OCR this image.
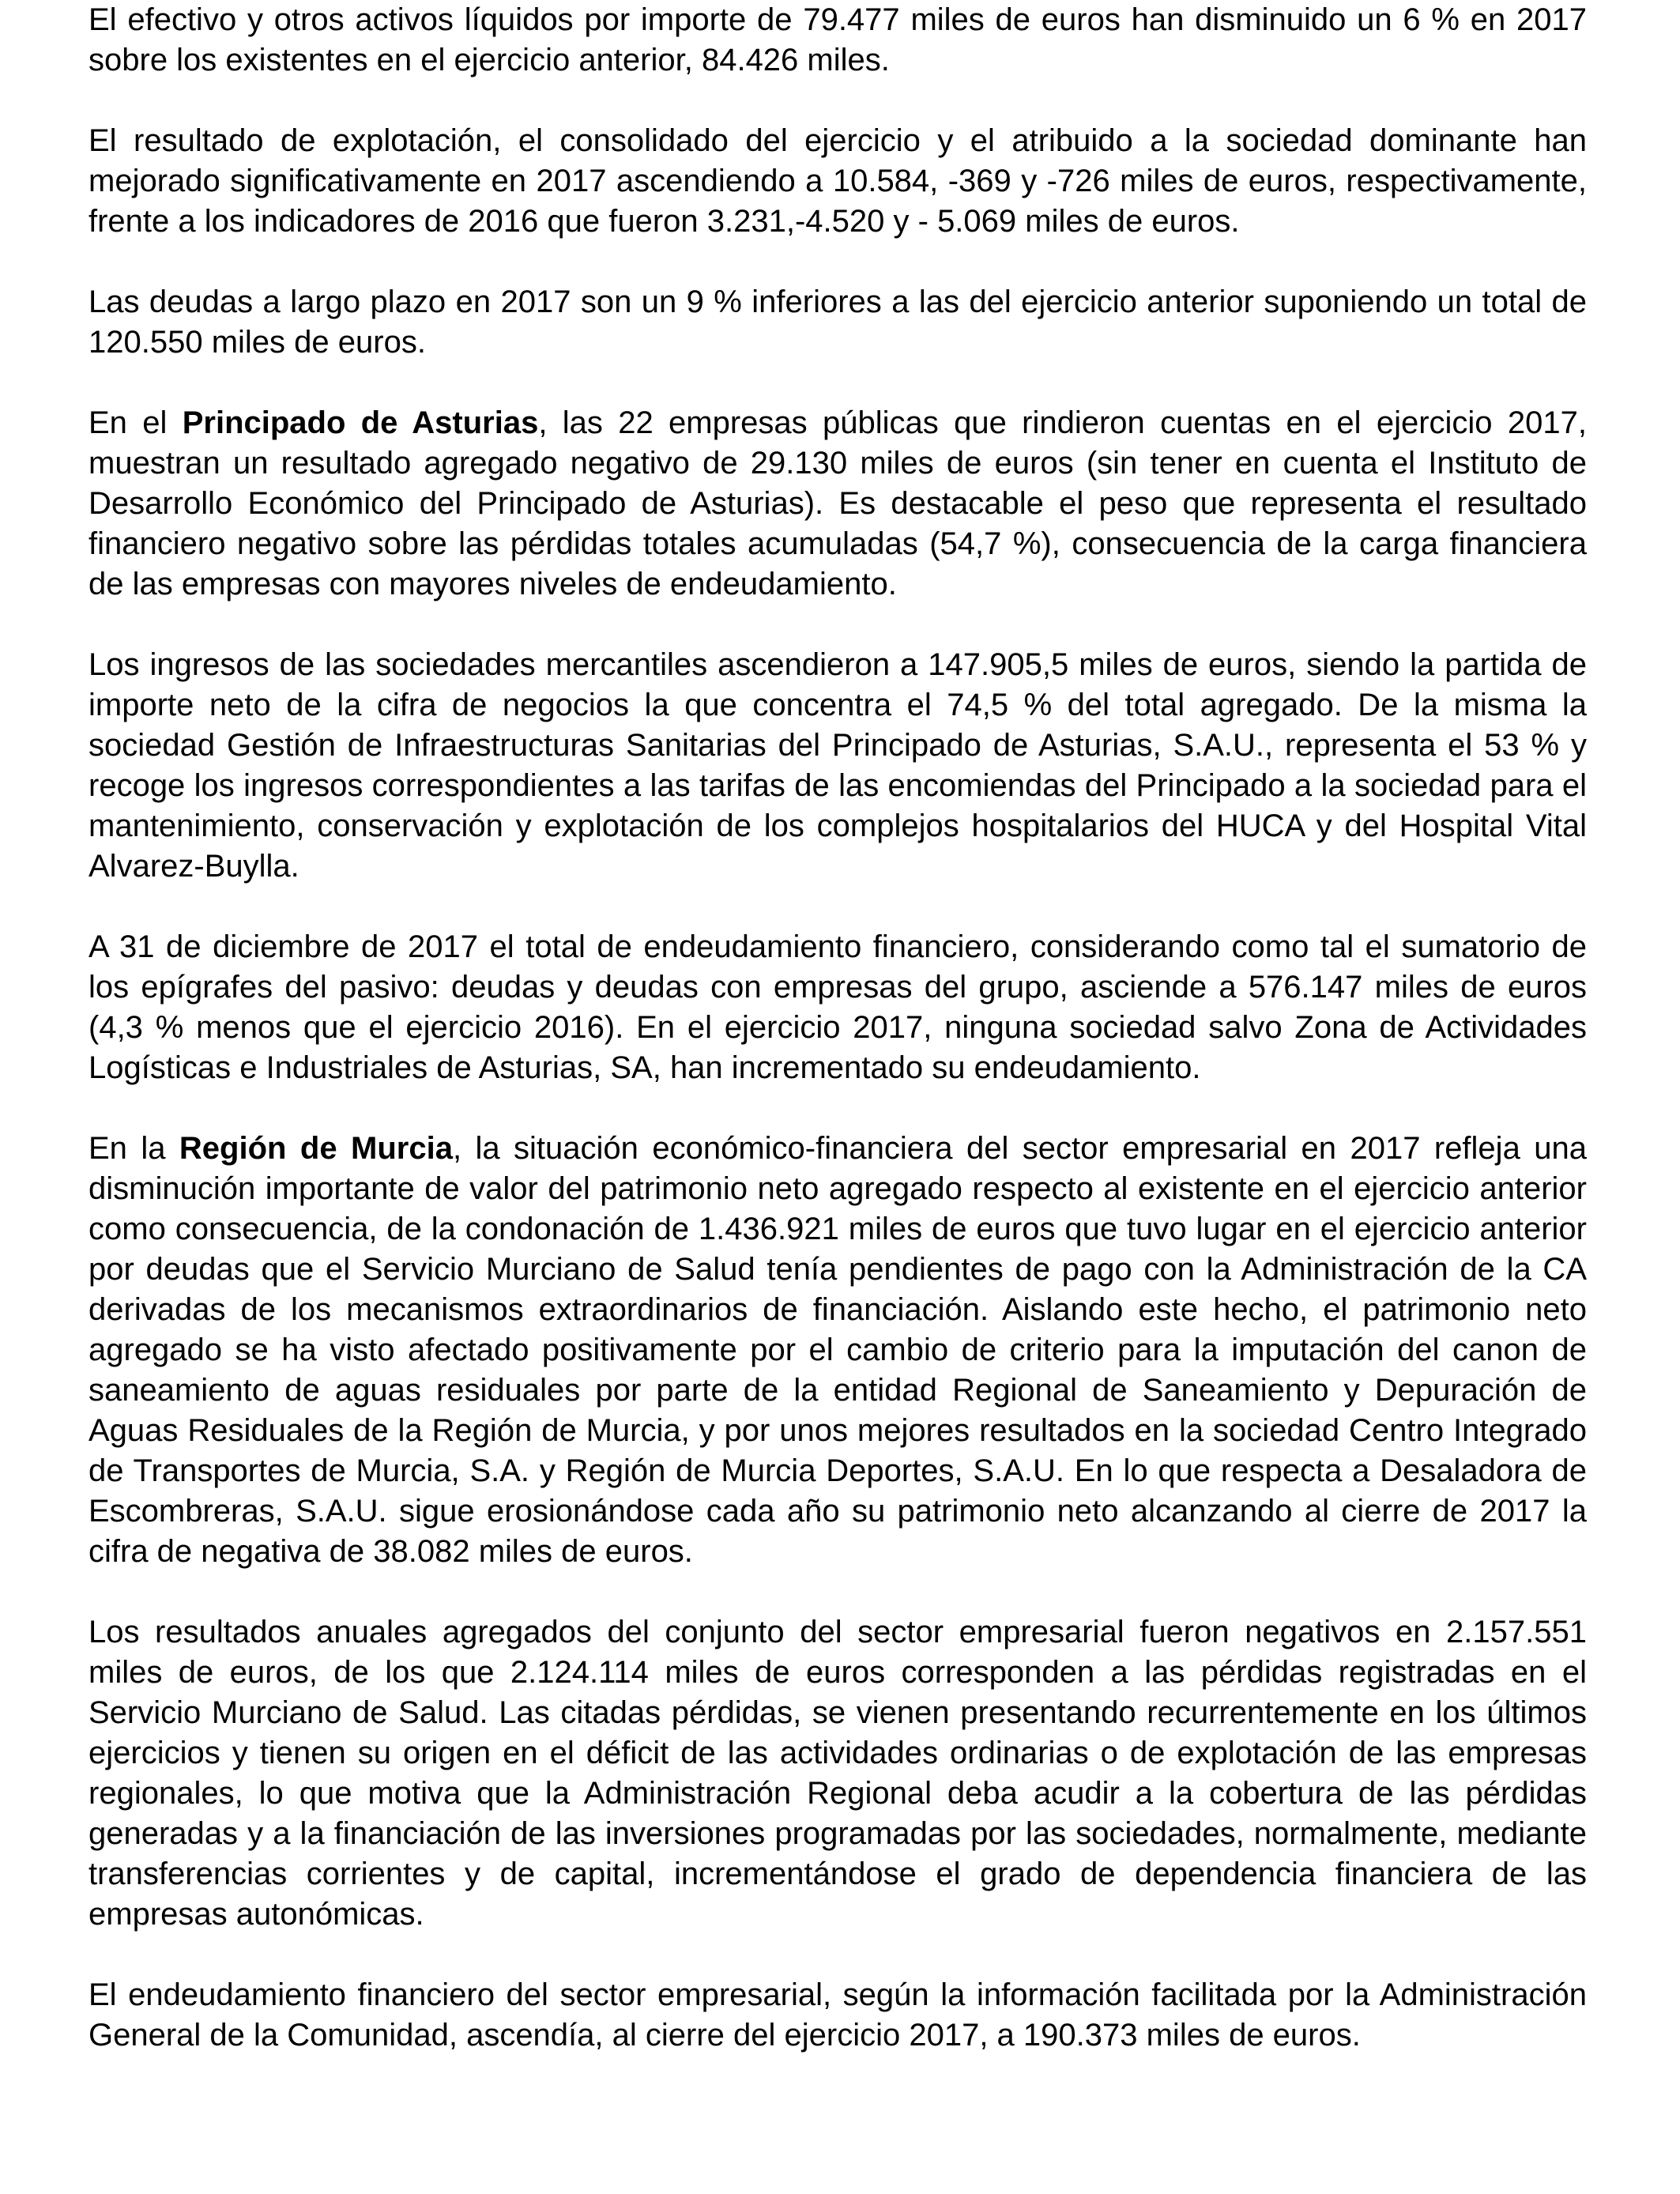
El efectivo y otros activos líquidos por importe de 79.477 miles de euros han disminuido un 6 % en 2017 sobre los existentes en el ejercicio anterior, 84.426 miles.

El resultado de explotación, el consolidado del ejercicio y el atribuido a la sociedad dominante han mejorado significativamente en 2017 ascendiendo a 10.584, -369 y -726 miles de euros, respectivamente, frente a los indicadores de 2016 que fueron 3.231,-4.520 y - 5.069 miles de euros.

Las deudas a largo plazo en 2017 son un 9 % inferiores a las del ejercicio anterior suponiendo un total de 120.550 miles de euros.

En el Principado de Asturias, las 22 empresas públicas que rindieron cuentas en el ejercicio 2017, muestran un resultado agregado negativo de 29.130 miles de euros (sin tener en cuenta el Instituto de Desarrollo Económico del Principado de Asturias). Es destacable el peso que representa el resultado financiero negativo sobre las pérdidas totales acumuladas (54,7 %), consecuencia de la carga financiera de las empresas con mayores niveles de endeudamiento.

Los ingresos de las sociedades mercantiles ascendieron a 147.905,5 miles de euros, siendo la partida de importe neto de la cifra de negocios la que concentra el 74,5 % del total agregado. De la misma la sociedad Gestión de Infraestructuras Sanitarias del Principado de Asturias, S.A.U., representa el 53 % y recoge los ingresos correspondientes a las tarifas de las encomiendas del Principado a la sociedad para el mantenimiento, conservación y explotación de los complejos hospitalarios del HUCA y del Hospital Vital Alvarez-Buylla.

A 31 de diciembre de 2017 el total de endeudamiento financiero, considerando como tal el sumatorio de los epígrafes del pasivo: deudas y deudas con empresas del grupo, asciende a 576.147 miles de euros (4,3 % menos que el ejercicio 2016). En el ejercicio 2017, ninguna sociedad salvo Zona de Actividades Logísticas e Industriales de Asturias, SA, han incrementado su endeudamiento.

En la Región de Murcia, la situación económico-financiera del sector empresarial en 2017 refleja una disminución importante de valor del patrimonio neto agregado respecto al existente en el ejercicio anterior como consecuencia, de la condonación de 1.436.921 miles de euros que tuvo lugar en el ejercicio anterior por deudas que el Servicio Murciano de Salud tenía pendientes de pago con la Administración de la CA derivadas de los mecanismos extraordinarios de financiación. Aislando este hecho, el patrimonio neto agregado se ha visto afectado positivamente por el cambio de criterio para la imputación del canon de saneamiento de aguas residuales por parte de la entidad Regional de Saneamiento y Depuración de Aguas Residuales de la Región de Murcia, y por unos mejores resultados en la sociedad Centro Integrado de Transportes de Murcia, S.A. y Región de Murcia Deportes, S.A.U. En lo que respecta a Desaladora de Escombreras, S.A.U. sigue erosionándose cada año su patrimonio neto alcanzando al cierre de 2017 la cifra de negativa de 38.082 miles de euros.

Los resultados anuales agregados del conjunto del sector empresarial fueron negativos en 2.157.551 miles de euros, de los que 2.124.114 miles de euros corresponden a las pérdidas registradas en el Servicio Murciano de Salud. Las citadas pérdidas, se vienen presentando recurrentemente en los últimos ejercicios y tienen su origen en el déficit de las actividades ordinarias o de explotación de las empresas regionales, lo que motiva que la Administración Regional deba acudir a la cobertura de las pérdidas generadas y a la financiación de las inversiones programadas por las sociedades, normalmente, mediante transferencias corrientes y de capital, incrementándose el grado de dependencia financiera de las empresas autonómicas.

El endeudamiento financiero del sector empresarial, según la información facilitada por la Administración General de la Comunidad, ascendía, al cierre del ejercicio 2017, a 190.373 miles de euros.
